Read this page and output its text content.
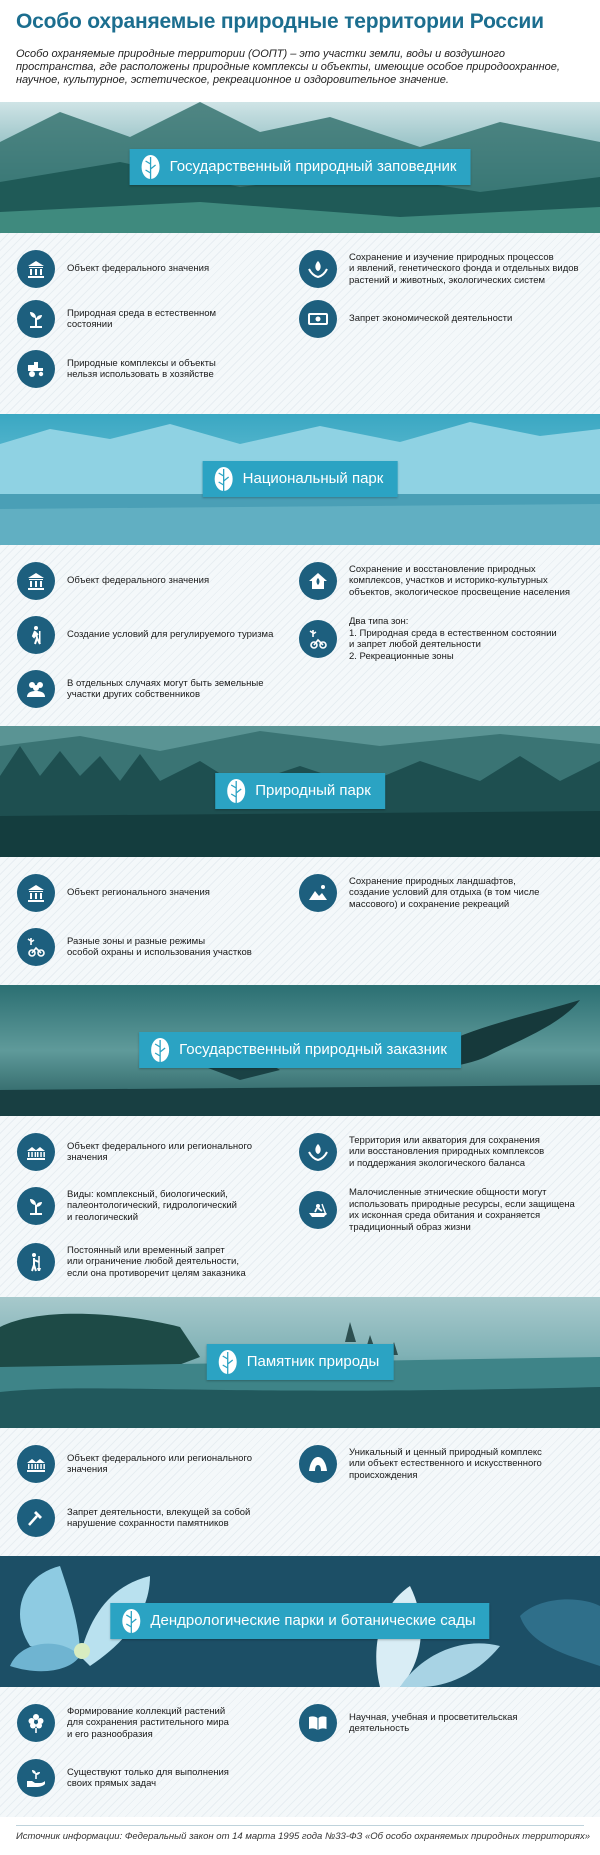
Особо охраняемые природные территории России
Особо охраняемые природные территории (ООПТ) – это участки земли, воды и воздушного пространства, где расположены природные комплексы и объекты, имеющие особое природоохранное, научное, культурное, эстетическое, рекреационное и оздоровительное значение.
Государственный природный заповедник
Объект федерального значения
Сохранение и изучение природных процессов
и явлений, генетического фонда и отдельных видов
растений и животных, экологических систем
Природная среда в естественном
состоянии
Запрет экономической деятельности
Природные комплексы и объекты
нельзя использовать в хозяйстве
Национальный парк
Объект федерального значения
Сохранение и восстановление природных
комплексов, участков и историко-культурных
объектов, экологическое просвещение населения
Создание условий для регулируемого туризма
Два типа зон:
1. Природная среда в естественном состоянии
и запрет любой деятельности
2. Рекреационные зоны
В отдельных случаях могут быть земельные
участки других собственников
Природный парк
Объект регионального значения
Сохранение природных ландшафтов,
создание условий для отдыха (в том числе
массового) и сохранение рекреаций
Разные зоны и разные режимы
особой охраны и использования участков
Государственный природный заказник
Объект федерального или регионального
значения
Территория или акватория для сохранения
или восстановления природных комплексов
и поддержания экологического баланса
Виды: комплексный, биологический,
палеонтологический, гидрологический
и геологический
Малочисленные этнические общности могут
использовать природные ресурсы, если защищена
их исконная среда обитания и сохраняется
традиционный образ жизни
Постоянный или временный запрет
или ограничение любой деятельности,
если она противоречит целям заказника
Памятник природы
Объект федерального или регионального
значения
Уникальный и ценный природный комплекс
или объект естественного и искусственного
происхождения
Запрет деятельности, влекущей за собой
нарушение сохранности памятников
Дендрологические парки и ботанические сады
Формирование коллекций растений
для сохранения растительного мира
и его разнообразия
Научная, учебная и просветительская
деятельность
Существуют только для выполнения
своих прямых задач
Источник информации: Федеральный закон от 14 марта 1995 года №33-ФЗ «Об особо охраняемых природных территориях»
